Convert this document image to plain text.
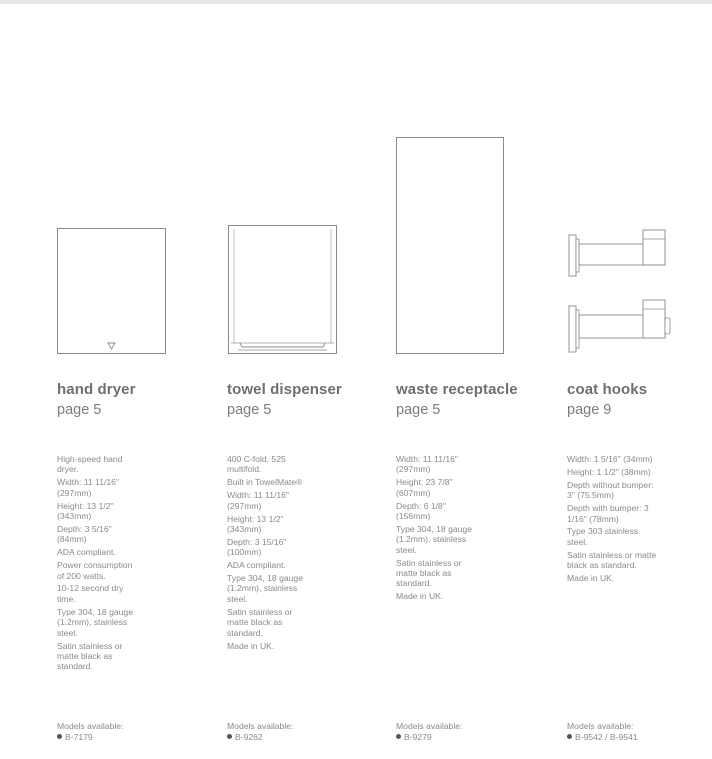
hand dryer
page 5
High-speed hand dryer.
Width: 11 11/16" (297mm)
Height: 13 1/2" (343mm)
Depth: 3 5/16" (84mm)
ADA compliant.
Power consumption of 200 watts.
10-12 second dry time.
Type 304, 18 gauge (1.2mm), stainless steel.
Satin stainless or matte black as standard.
towel dispenser
page 5
400 C-fold, 525 multifold.
Built in TowelMate®
Width: 11 11/16" (297mm)
Height: 13 1/2" (343mm)
Depth: 3 15/16" (100mm)
ADA compliant.
Type 304, 18 gauge (1.2mm), stainless steel.
Satin stainless or matte black as standard.
Made in UK.
waste receptacle
page 5
Width: 11 11/16" (297mm)
Height: 23 7/8" (607mm)
Depth: 6 1/8" (156mm)
Type 304, 18 gauge (1.2mm), stainless steel.
Satin stainless or matte black as standard.
Made in UK.
coat hooks
page 9
Width: 1 5/16" (34mm)
Height: 1 1/2" (38mm)
Depth without bumper: 3" (75.5mm)
Depth with bumper: 3 1/16" (78mm)
Type 303 stainless steel.
Satin stainless or matte black as standard.
Made in UK.
Models available:
B-7179
Models available:
B-9262
Models available:
B-9279
Models available:
B-9542 / B-9541
